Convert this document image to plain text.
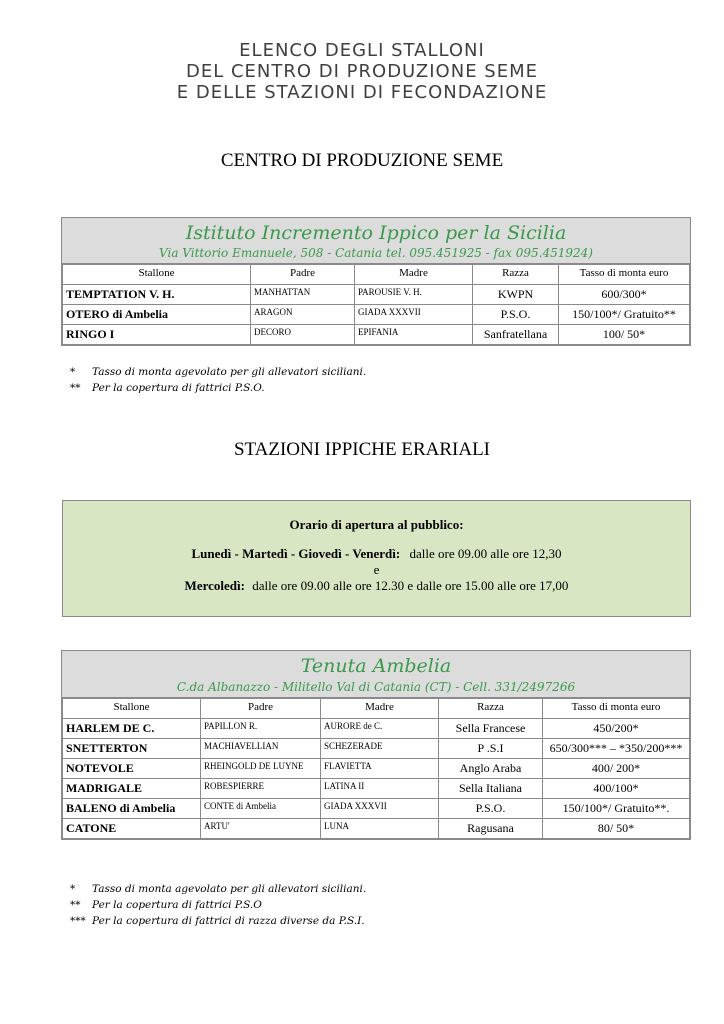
ELENCO DEGLI STALLONI
DEL CENTRO DI PRODUZIONE SEME
E DELLE STAZIONI DI FECONDAZIONE
CENTRO DI PRODUZIONE SEME
Istituto Incremento Ippico per la Sicilia
Via Vittorio Emanuele, 508 - Catania tel. 095.451925 - fax 095.451924)
Stallone	Padre	Madre	Razza	Tasso di monta euro
TEMPTATION V. H.	MANHATTAN	PAROUSIE V. H.	KWPN	600/300*
OTERO di Ambelia	ARAGON	GIADA XXXVII	P.S.O.	150/100*/ Gratuito**
RINGO I	DECORO	EPIFANIA	Sanfratellana	100/ 50*
* Tasso di monta agevolato per gli allevatori siciliani.
** Per la copertura di fattrici P.S.O.
STAZIONI IPPICHE ERARIALI
Orario di apertura al pubblico:
Lunedì - Martedì - Giovedì - Venerdì: dalle ore 09.00 alle ore 12,30
e
Mercoledì: dalle ore 09.00 alle ore 12.30 e dalle ore 15.00 alle ore 17,00
Tenuta Ambelia
C.da Albanazzo - Militello Val di Catania (CT) - Cell. 331/2497266
Stallone	Padre	Madre	Razza	Tasso di monta euro
HARLEM DE C.	PAPILLON R.	AURORE de C.	Sella Francese	450/200*
SNETTERTON	MACHIAVELLIAN	SCHEZERADE	P .S.I	650/300*** – *350/200***
NOTEVOLE	RHEINGOLD DE LUYNE	FLAVIETTA	Anglo Araba	400/ 200*
MADRIGALE	ROBESPIERRE	LATINA II	Sella Italiana	400/100*
BALENO di Ambelia	CONTE di Ambelia	GIADA XXXVII	P.S.O.	150/100*/ Gratuito**.
CATONE	ARTU'	LUNA	Ragusana	80/ 50*
* Tasso di monta agevolato per gli allevatori siciliani.
** Per la copertura di fattrici P.S.O
*** Per la copertura di fattrici di razza diverse da P.S.I.
